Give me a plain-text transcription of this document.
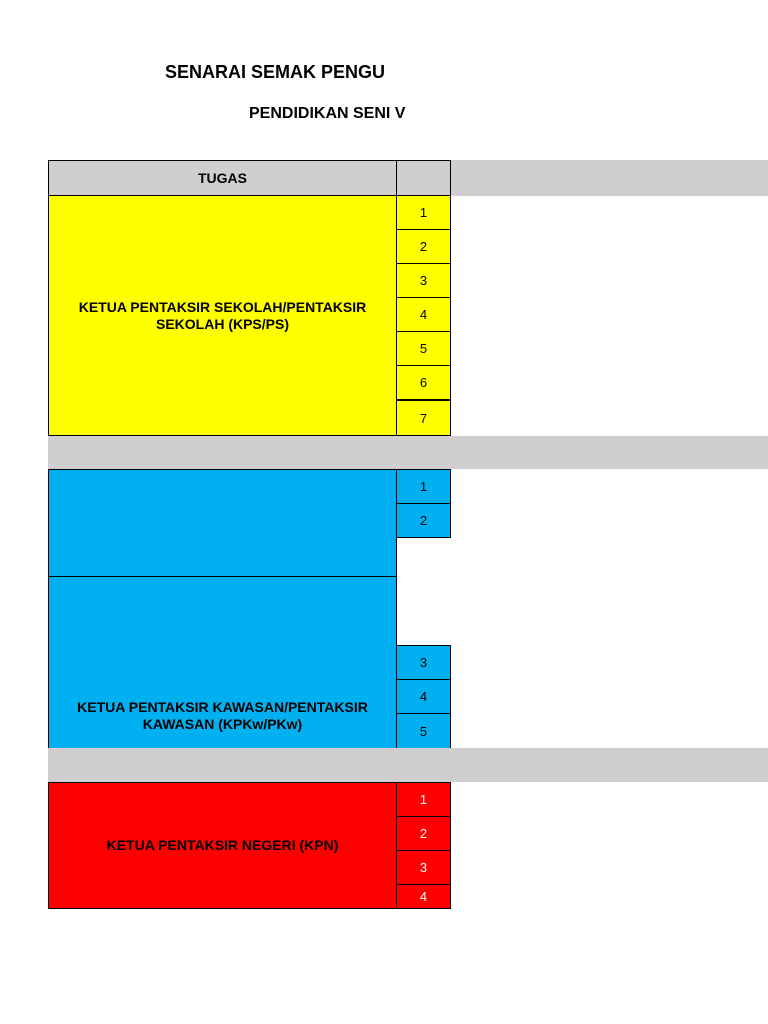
SENARAI SEMAK PENGU
PENDIDIKAN SENI V
TUGAS
KETUA PENTAKSIR SEKOLAH/PENTAKSIR SEKOLAH (KPS/PS)
1
2
3
4
5
6
7
1
2
KETUA PENTAKSIR KAWASAN/PENTAKSIR KAWASAN (KPKw/PKw)
3
4
5
KETUA PENTAKSIR NEGERI (KPN)
1
2
3
4
